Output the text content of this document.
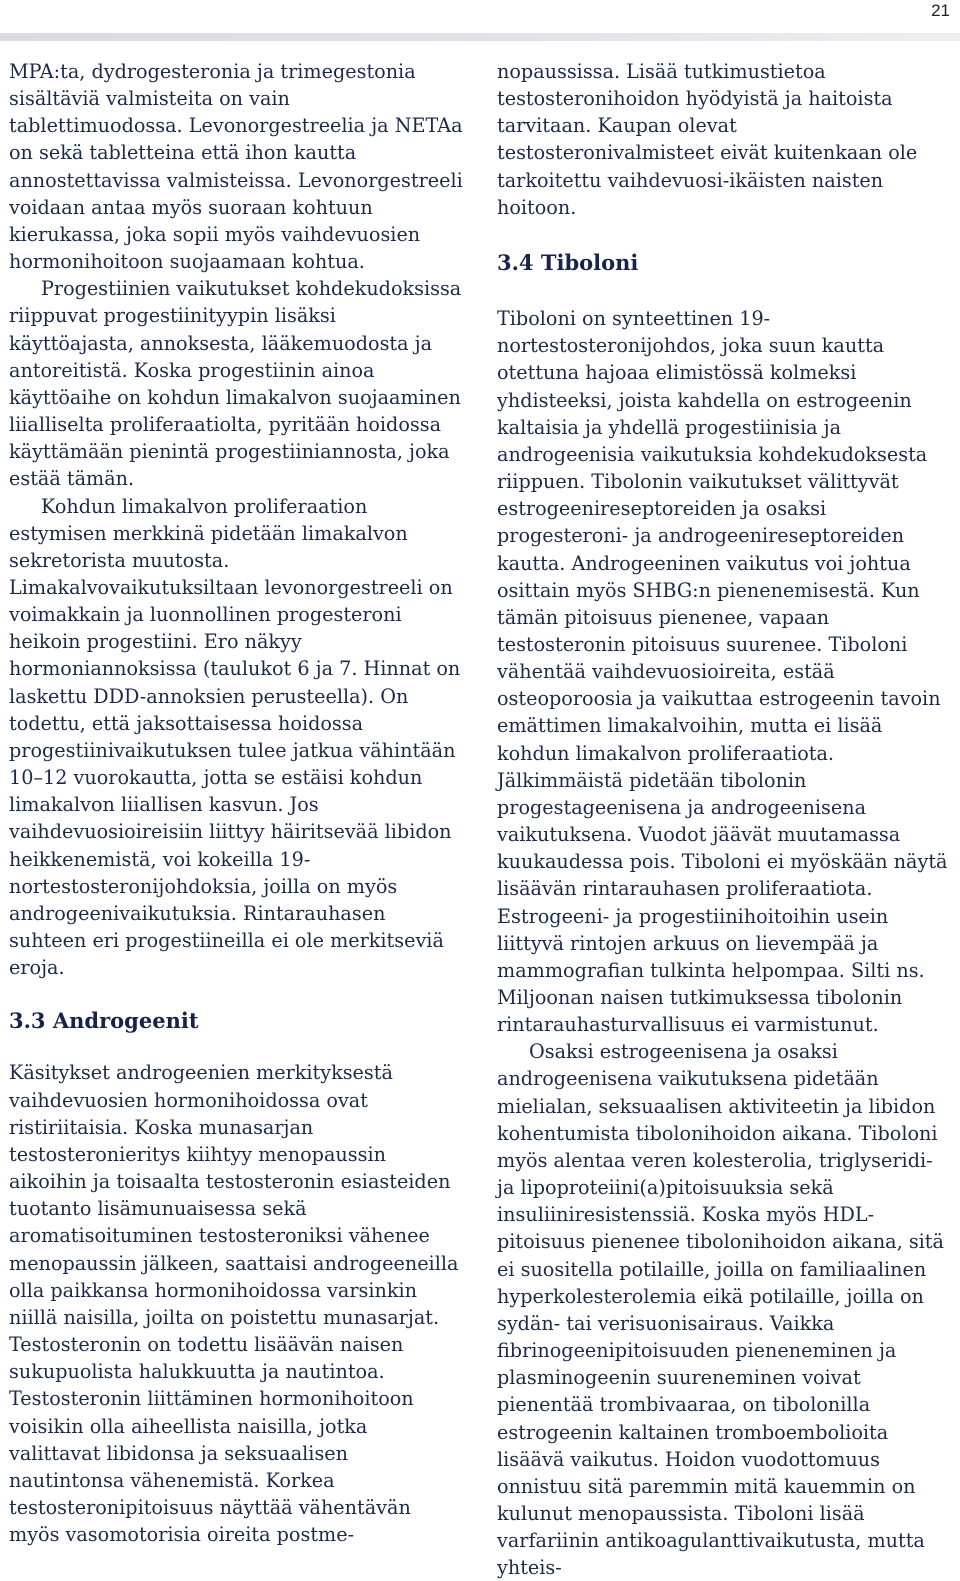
21

MPA:ta, dydrogesteronia ja trimegestonia sisältäviä valmisteita on vain tablettimuodossa. Levonorgestreelia ja NETAa on sekä tabletteina että ihon kautta annostettavissa valmisteissa. Levonorgestreeli voidaan antaa myös suoraan kohtuun kierukassa, joka sopii myös vaihdevuosien hormonihoitoon suojaamaan kohtua.

Progestiinien vaikutukset kohdekudoksissa riippuvat progestiinityypin lisäksi käyttöajasta, annoksesta, lääkemuodosta ja antoreitistä. Koska progestiinin ainoa käyttöaihe on kohdun limakalvon suojaaminen liialliselta proliferaatiolta, pyritään hoidossa käyttämään pienintä progestiiniannosta, joka estää tämän.

Kohdun limakalvon proliferaation estymisen merkkinä pidetään limakalvon sekretorista muutosta. Limakalvovaikutuksiltaan levonorgestreeli on voimakkain ja luonnollinen progesteroni heikoin progestiini. Ero näkyy hormoniannoksissa (taulukot 6 ja 7. Hinnat on laskettu DDD-annoksien perusteella). On todettu, että jaksottaisessa hoidossa progestiinivaikutuksen tulee jatkua vähintään 10–12 vuorokautta, jotta se estäisi kohdun limakalvon liiallisen kasvun. Jos vaihdevuosioireisiin liittyy häiritsevää libidon heikkenemistä, voi kokeilla 19-nortestosteronijohdoksia, joilla on myös androgeenivaikutuksia. Rintarauhasen suhteen eri progestiineilla ei ole merkitseviä eroja.

3.3 Androgeenit

Käsitykset androgeenien merkityksestä vaihdevuosien hormonihoidossa ovat ristiriitaisia. Koska munasarjan testosteronieritys kiihtyy menopaussin aikoihin ja toisaalta testosteronin esiasteiden tuotanto lisämunuaisessa sekä aromatisoituminen testosteroniksi vähenee menopaussin jälkeen, saattaisi androgeeneilla olla paikkansa hormonihoidossa varsinkin niillä naisilla, joilta on poistettu munasarjat. Testosteronin on todettu lisäävän naisen sukupuolista halukkuutta ja nautintoa. Testosteronin liittäminen hormonihoitoon voisikin olla aiheellista naisilla, jotka valittavat libidonsa ja seksuaalisen nautintonsa vähenemistä. Korkea testosteronipitoisuus näyttää vähentävän myös vasomotorisia oireita postme-

nopaussissa. Lisää tutkimustietoa testosteronihoidon hyödyistä ja haitoista tarvitaan. Kaupan olevat testosteronivalmisteet eivät kuitenkaan ole tarkoitettu vaihdevuosi-ikäisten naisten hoitoon.

3.4 Tiboloni

Tiboloni on synteettinen 19-nortestosteronijohdos, joka suun kautta otettuna hajoaa elimistössä kolmeksi yhdisteeksi, joista kahdella on estrogeenin kaltaisia ja yhdellä progestiinisia ja androgeenisia vaikutuksia kohdekudoksesta riippuen. Tibolonin vaikutukset välittyvät estrogeenireseptoreiden ja osaksi progesteroni- ja androgeenireseptoreiden kautta. Androgeeninen vaikutus voi johtua osittain myös SHBG:n pienenemisestä. Kun tämän pitoisuus pienenee, vapaan testosteronin pitoisuus suurenee. Tiboloni vähentää vaihdevuosioireita, estää osteoporoosia ja vaikuttaa estrogeenin tavoin emättimen limakalvoihin, mutta ei lisää kohdun limakalvon proliferaatiota. Jälkimmäistä pidetään tibolonin progestageenisena ja androgeenisena vaikutuksena. Vuodot jäävät muutamassa kuukaudessa pois. Tiboloni ei myöskään näytä lisäävän rintarauhasen proliferaatiota. Estrogeeni- ja progestiinihoitoihin usein liittyvä rintojen arkuus on lievempää ja mammografian tulkinta helpompaa. Silti ns. Miljoonan naisen tutkimuksessa tibolonin rintarauhasturvallisuus ei varmistunut.

Osaksi estrogeenisena ja osaksi androgeenisena vaikutuksena pidetään mielialan, seksuaalisen aktiviteetin ja libidon kohentumista tibolonihoidon aikana. Tiboloni myös alentaa veren kolesterolia, triglyseridi- ja lipoproteiini(a)pitoisuuksia sekä insuliiniresistenssiä. Koska myös HDL-pitoisuus pienenee tibolonihoidon aikana, sitä ei suositella potilaille, joilla on familiaalinen hyperkolesterolemia eikä potilaille, joilla on sydän- tai verisuonisairaus. Vaikka fibrinogeenipitoisuuden pieneneminen ja plasminogeenin suureneminen voivat pienentää trombivaaraa, on tibolonilla estrogeenin kaltainen tromboembolioita lisäävä vaikutus. Hoidon vuodottomuus onnistuu sitä paremmin mitä kauemmin on kulunut menopaussista. Tiboloni lisää varfariinin antikoagulanttivaikutusta, mutta yhteis-
